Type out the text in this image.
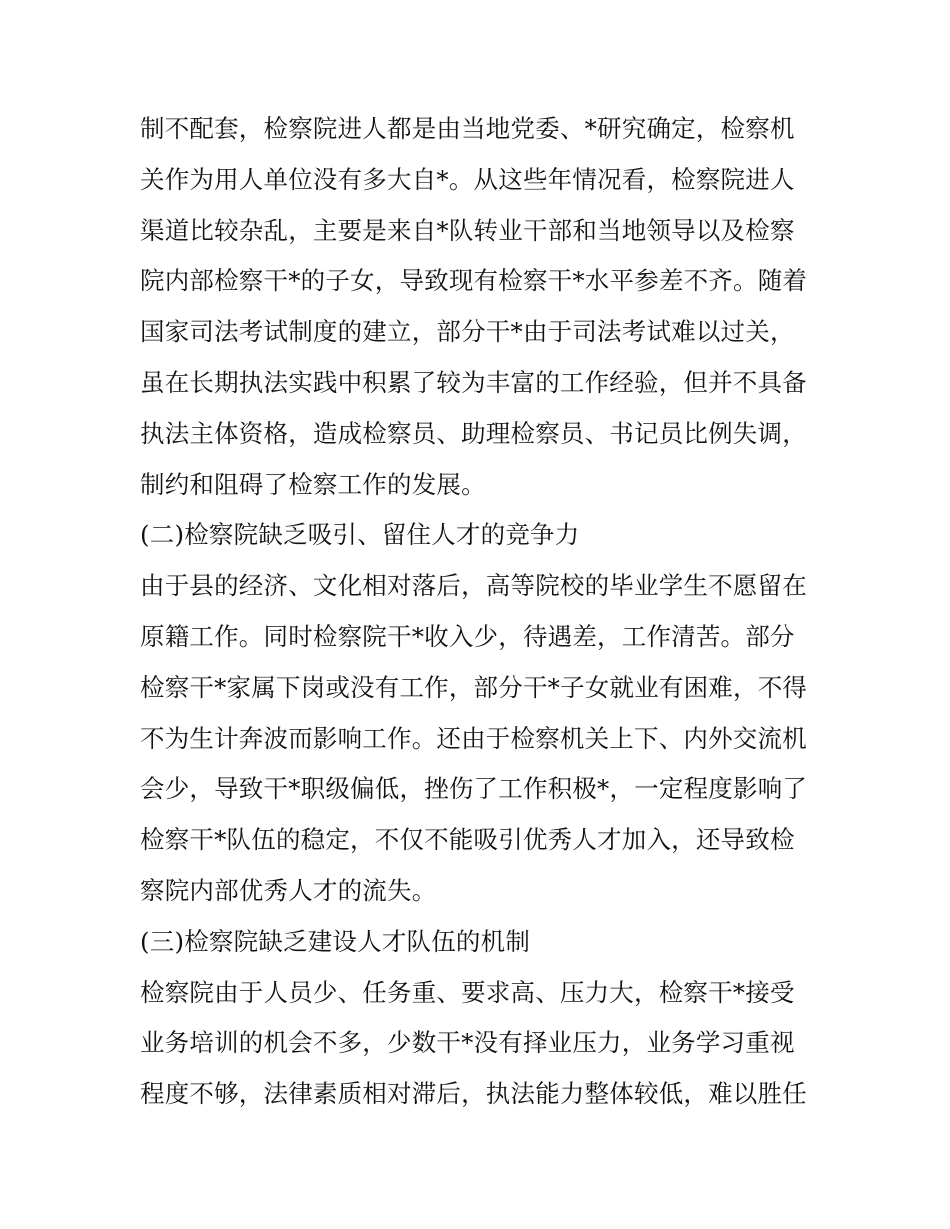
制不配套，检察院进人都是由当地党委、*研究确定，检察机
关作为用人单位没有多大自*。从这些年情况看，检察院进人
渠道比较杂乱，主要是来自*队转业干部和当地领导以及检察
院内部检察干*的子女，导致现有检察干*水平参差不齐。随着
国家司法考试制度的建立，部分干*由于司法考试难以过关，
虽在长期执法实践中积累了较为丰富的工作经验，但并不具备
执法主体资格，造成检察员、助理检察员、书记员比例失调，
制约和阻碍了检察工作的发展。
(二)检察院缺乏吸引、留住人才的竞争力
由于县的经济、文化相对落后，高等院校的毕业学生不愿留在
原籍工作。同时检察院干*收入少，待遇差，工作清苦。部分
检察干*家属下岗或没有工作，部分干*子女就业有困难，不得
不为生计奔波而影响工作。还由于检察机关上下、内外交流机
会少，导致干*职级偏低，挫伤了工作积极*，一定程度影响了
检察干*队伍的稳定，不仅不能吸引优秀人才加入，还导致检
察院内部优秀人才的流失。
(三)检察院缺乏建设人才队伍的机制
检察院由于人员少、任务重、要求高、压力大，检察干*接受
业务培训的机会不多，少数干*没有择业压力，业务学习重视
程度不够，法律素质相对滞后，执法能力整体较低，难以胜任
